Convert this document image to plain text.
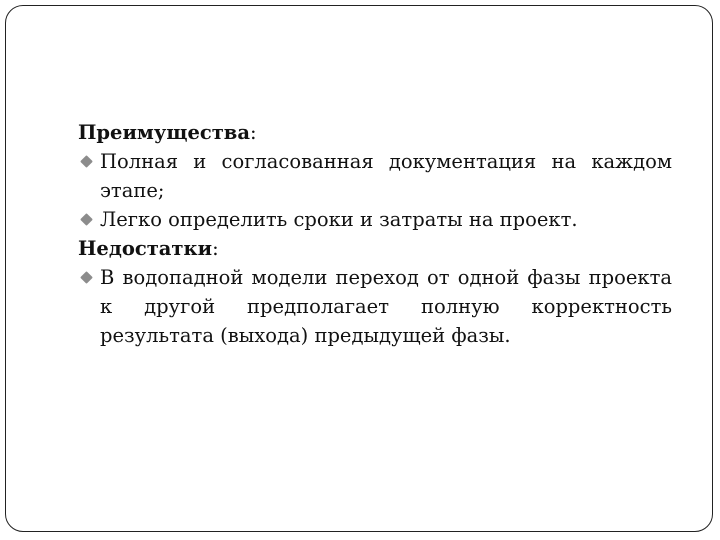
Преимущества:

Полная и согласованная документация на каждом этапе;

Легко определить сроки и затраты на проект.

Недостатки:

В водопадной модели переход от одной фазы проекта к другой предполагает полную корректность результата (выхода) предыдущей фазы.
